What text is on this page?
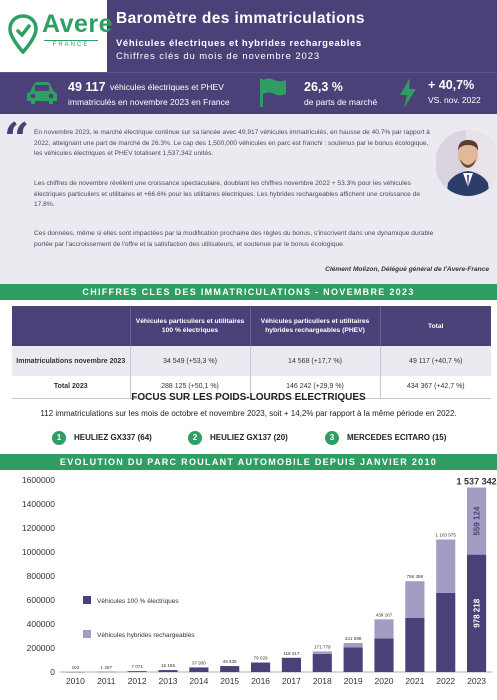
Avere
FRANCE
Baromètre des immatriculations
Véhicules électriques et hybrides rechargeables
Chiffres clés du mois de novembre 2023
49 117 véhicules électriques et PHEV
immatriculés en novembre 2023 en France
26,3 %
de parts de marché
+ 40,7%
VS. nov. 2022
“ En novembre 2023, le marché électrique continue sur sa lancée avec 49,917 véhicules immatriculés, en hausse de 40.7% par rapport à 2022, atteignant une part de marché de 26.3%. Le cap des 1,500,000 véhicules en parc est franchi : soutenus par le bonus écologique, les véhicules électriques et PHEV totalisent 1,537,342 unités.
Les chiffres de novembre révèlent une croissance spectaculaire, doublant les chiffres novembre 2022 + 53.3% pour les véhicules électriques particuliers et utilitaires et +66.6% pour les utilitaires électriques. Les hybrides rechargeables affichent une croissance de 17.8%.
Ces données, même si elles sont impactées par la modification prochaine des règles du bonus, s'inscrivent dans une dynamique durable portée par l'accroissement de l'offre et la satisfaction des utilisateurs, et soutenue par le bonus écologique.
Clément Molizon, Délégué général de l'Avere-France
CHIFFRES CLES DES IMMATRICULATIONS - NOVEMBRE 2023
	Véhicules particuliers et utilitaires 100 % électriques	Véhicules particuliers et utilitaires hybrides rechargeables (PHEV)	Total
Immatriculations novembre 2023	34 549 (+53,3 %)	14 568 (+17,7 %)	49 117 (+40,7 %)
Total 2023	288 125 (+50,1 %)	146 242 (+29,9 %)	434 367 (+42,7 %)
FOCUS SUR LES POIDS-LOURDS ELECTRIQUES
112 immatriculations sur les mois de octobre et novembre 2023, soit + 14,2% par rapport à la même période en 2022.
1	HEULIEZ GX337 (64)	2	HEULIEZ GX137 (20)	3	MERCEDES ECITARO (15)
EVOLUTION DU PARC ROULANT AUTOMOBILE DEPUIS JANVIER 2010
0
200000
400000
600000
800000
1000000
1200000
1400000
1600000
103
2010
1 297
2011
7 071
2012
16 165
2013
37 930
2014
49 635
2015
79 029
2016
118 317
2017
171 779
2018
241 598
2019
439 167
2020
756 398
2021
1 103 975
2022
1 537 342
2023
559 124
978 218
Véhicules 100 % électriques
Véhicules hybrides rechargeables
